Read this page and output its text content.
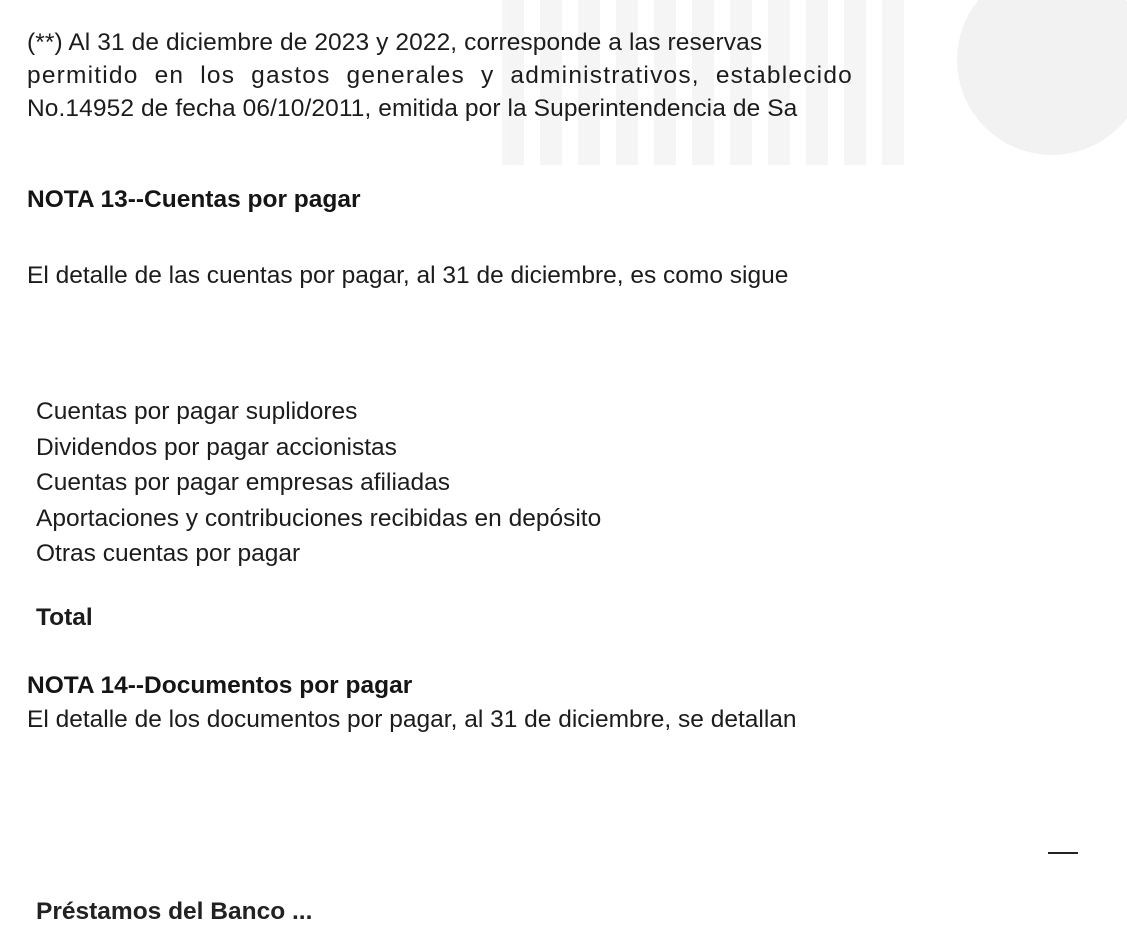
(**) Al 31 de diciembre de 2023 y 2022, corresponde a las reservas
permitido en los gastos generales y administrativos, establecido
No.14952 de fecha 06/10/2011, emitida por la Superintendencia de Sa
NOTA 13--Cuentas por pagar
El detalle de las cuentas por pagar, al 31 de diciembre, es como sigue
Cuentas por pagar suplidores
Dividendos por pagar accionistas
Cuentas por pagar empresas afiliadas
Aportaciones y contribuciones recibidas en depósito
Otras cuentas por pagar
Total
NOTA 14--Documentos por pagar
El detalle de los documentos por pagar, al 31 de diciembre, se detallan
Préstamos del Banco ...
